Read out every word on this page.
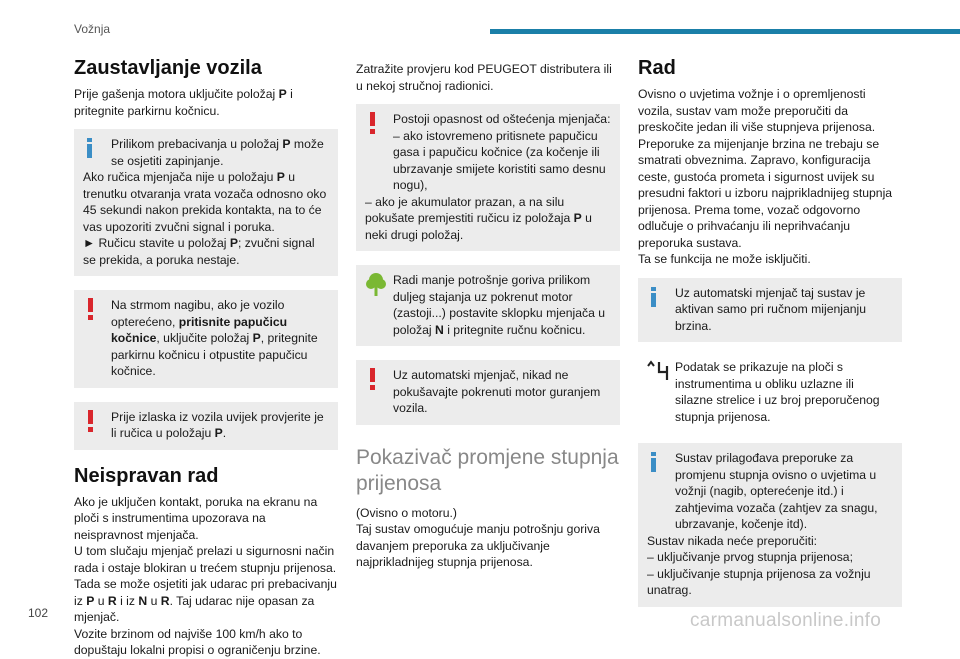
Vožnja
Zaustavljanje vozila

Prije gašenja motora uključite položaj P i pritegnite parkirnu kočnicu.

Prilikom prebacivanja u položaj P može se osjetiti zapinjanje.

Ako ručica mjenjača nije u položaju P u trenutku otvaranja vrata vozača odnosno oko 45 sekundi nakon prekida kontakta, na to će vas upozoriti zvučni signal i poruka.

► Ručicu stavite u položaj P; zvučni signal se prekida, a poruka nestaje.

Na strmom nagibu, ako je vozilo opterećeno, pritisnite papučicu kočnice, uključite položaj P, pritegnite parkirnu kočnicu i otpustite papučicu kočnice.
Prije izlaska iz vozila uvijek provjerite je li ručica u položaju P.
Neispravan rad

Ako je uključen kontakt, poruka na ekranu na ploči s instrumentima upozorava na neispravnost mjenjača.

U tom slučaju mjenjač prelazi u sigurnosni način rada i ostaje blokiran u trećem stupnju prijenosa. Tada se može osjetiti jak udarac pri prebacivanju iz P u R i iz N u R. Taj udarac nije opasan za mjenjač.

Vozite brzinom od najviše 100 km/h ako to dopuštaju lokalni propisi o ograničenju brzine.

Zatražite provjeru kod PEUGEOT distributera ili u nekoj stručnoj radionici.

Postoji opasnost od oštećenja mjenjača:
– ako istovremeno pritisnete papučicu gasa i papučicu kočnice (za kočenje ili ubrzavanje smijete koristiti samo desnu nogu),

– ako je akumulator prazan, a na silu pokušate premjestiti ručicu iz položaja P u neki drugi položaj.

Radi manje potrošnje goriva prilikom duljeg stajanja uz pokrenut motor (zastoji...) postavite sklopku mjenjača u položaj N i pritegnite ručnu kočnicu.
Uz automatski mjenjač, nikad ne pokušavajte pokrenuti motor guranjem vozila.
Pokazivač promjene stupnja prijenosa

(Ovisno o motoru.)

Taj sustav omogućuje manju potrošnju goriva davanjem preporuka za uključivanje najprikladnijeg stupnja prijenosa.

Rad

Ovisno o uvjetima vožnje i o opremljenosti vozila, sustav vam može preporučiti da preskočite jedan ili više stupnjeva prijenosa.

Preporuke za mijenjanje brzina ne trebaju se smatrati obveznima. Zapravo, konfiguracija ceste, gustoća prometa i sigurnost uvijek su presudni faktori u izboru najprikladnijeg stupnja prijenosa. Prema tome, vozač odgovorno odlučuje o prihvaćanju ili neprihvaćanju preporuka sustava.

Ta se funkcija ne može isključiti.

Uz automatski mjenjač taj sustav je aktivan samo pri ručnom mijenjanju brzina.
Podatak se prikazuje na ploči s instrumentima u obliku uzlazne ili silazne strelice i uz broj preporučenog stupnja prijenosa.
Sustav prilagođava preporuke za promjenu stupnja ovisno o uvjetima u vožnji (nagib, opterećenje itd.) i zahtjevima vozača (zahtjev za snagu, ubrzavanje, kočenje itd).

Sustav nikada neće preporučiti:

– uključivanje prvog stupnja prijenosa;

– uključivanje stupnja prijenosa za vožnju unatrag.

102	carmanualsonline.info
